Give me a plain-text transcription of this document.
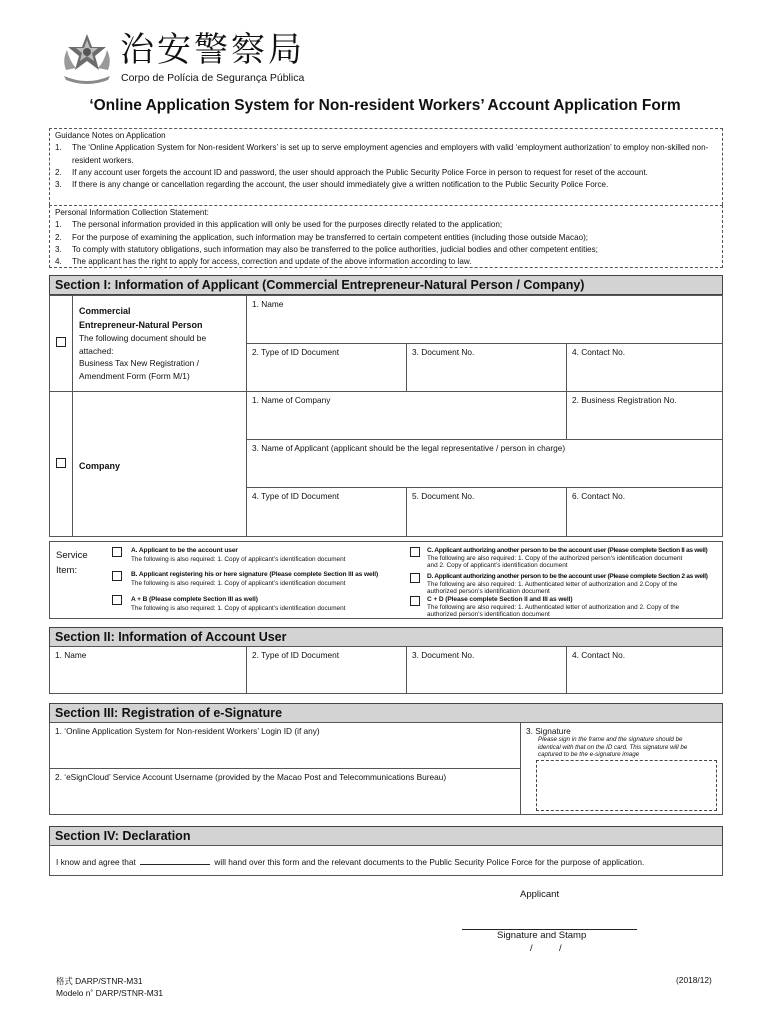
治安警察局
Corpo de Polícia de Segurança Pública
‘Online Application System for Non-resident Workers’ Account Application Form
Guidance Notes on Application
1.	The ‘Online Application System for Non-resident Workers’ is set up to serve employment agencies and employers with valid ‘employment authorization’ to employ non-skilled non-resident workers.
2.	If any account user forgets the account ID and password, the user should approach the Public Security Police Force in person to request for reset of the account.
3.	If there is any change or cancellation regarding the account, the user should immediately give a written notification to the Public Security Police Force.
Personal Information Collection Statement:
1.	The personal information provided in this application will only be used for the purposes directly related to the application;
2.	For the purpose of examining the application, such information may be transferred to certain competent entities (including those outside Macao);
3.	To comply with statutory obligations, such information may also be transferred to the police authorities, judicial bodies and other competent entities;
4.	The applicant has the right to apply for access, correction and update of the above information according to law.
Section I: Information of Applicant (Commercial Entrepreneur-Natural Person / Company)
Commercial
Entrepreneur-Natural Person
The following document should be
attached:
Business Tax New Registration /
Amendment Form (Form M/1)
1. Name
2. Type of ID Document	3. Document No.	4. Contact No.
Company
1. Name of Company	2. Business Registration No.
3. Name of Applicant (applicant should be the legal representative / person in charge)
4. Type of ID Document	5. Document No.	6. Contact No.
Service
Item:
A. Applicant to be the account user
The following is also required: 1. Copy of applicant’s identification document
B. Applicant registering his or here signature (Please complete Section III as well)
The following is also required: 1. Copy of applicant’s identification document
A + B (Please complete Section III as well)
The following is also required: 1. Copy of applicant’s identification document
C. Applicant authorizing another person to be the account user (Please complete Section II as well)
The following are also required: 1. Copy of the authorized person’s identification document
and 2. Copy of applicant’s identification document
D. Applicant authorizing another person to be the account user (Please complete Section 2 as well)
The following are also required: 1. Authenticated letter of authorization and 2.Copy of the
authorized person’s identification document
C + D (Please complete Section II and III as well)
The following are also required: 1. Authenticated letter of authorization and 2. Copy of the
authorized person’s identification document
Section II: Information of Account User
1. Name	2. Type of ID Document	3. Document No.	4. Contact No.
Section III: Registration of e-Signature
1. ‘Online Application System for Non-resident Workers’ Login ID (if any)
2. ‘eSignCloud’ Service Account Username (provided by the Macao Post and Telecommunications Bureau)
3. Signature
Please sign in the frame and the signature should be
identical with that on the ID card. This signature will be
captured to be the e-signature image
Section IV: Declaration
I know and agree that	will hand over this form and the relevant documents to the Public Security Police Force for the purpose of application.
Applicant
Signature and Stamp
/          /
格式 DARP/STNR-M31
Modelo n˚ DARP/STNR-M31
(2018/12)
